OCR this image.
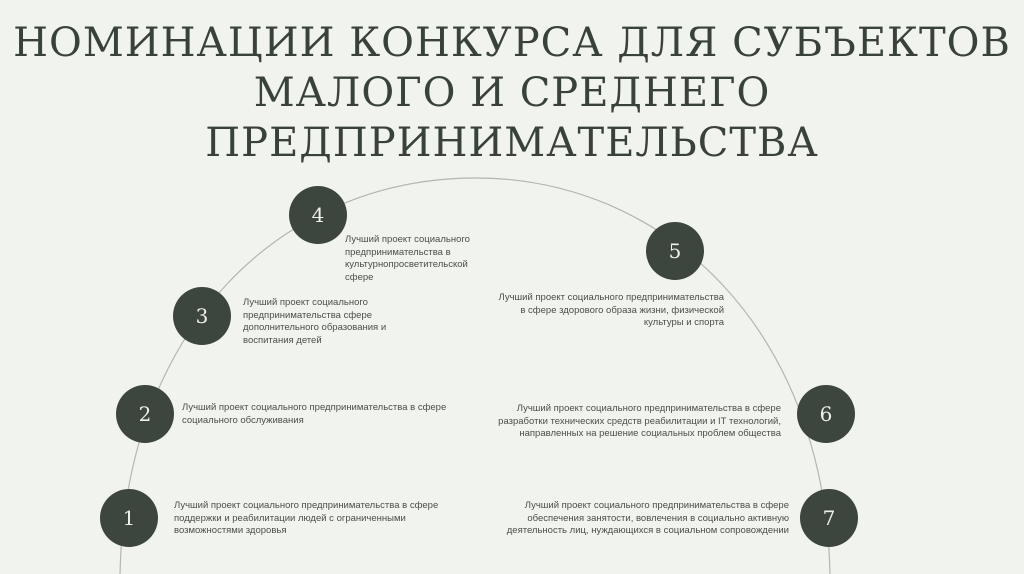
НОМИНАЦИИ КОНКУРСА ДЛЯ СУБЪЕКТОВ
МАЛОГО И СРЕДНЕГО
ПРЕДПРИНИМАТЕЛЬСТВА
1
Лучший проект социального предпринимательства в сфере поддержки и реабилитации людей с ограниченными возможностями здоровья
2	Лучший проект социального предпринимательства в сфере социального обслуживания
3
Лучший проект социального предпринимательства сфере дополнительного образования и воспитания детей
4
Лучший проект социального предпринимательства в культурнопросветительской сфере
5
Лучший проект социального предпринимательства в сфере здорового образа жизни, физической культуры и спорта
6
Лучший проект социального предпринимательства в сфере разработки технических средств реабилитации и IT технологий, направленных на решение социальных проблем общества
7
Лучший проект социального предпринимательства в сфере обеспечения занятости, вовлечения в социально активную деятельность лиц, нуждающихся в социальном сопровождении
